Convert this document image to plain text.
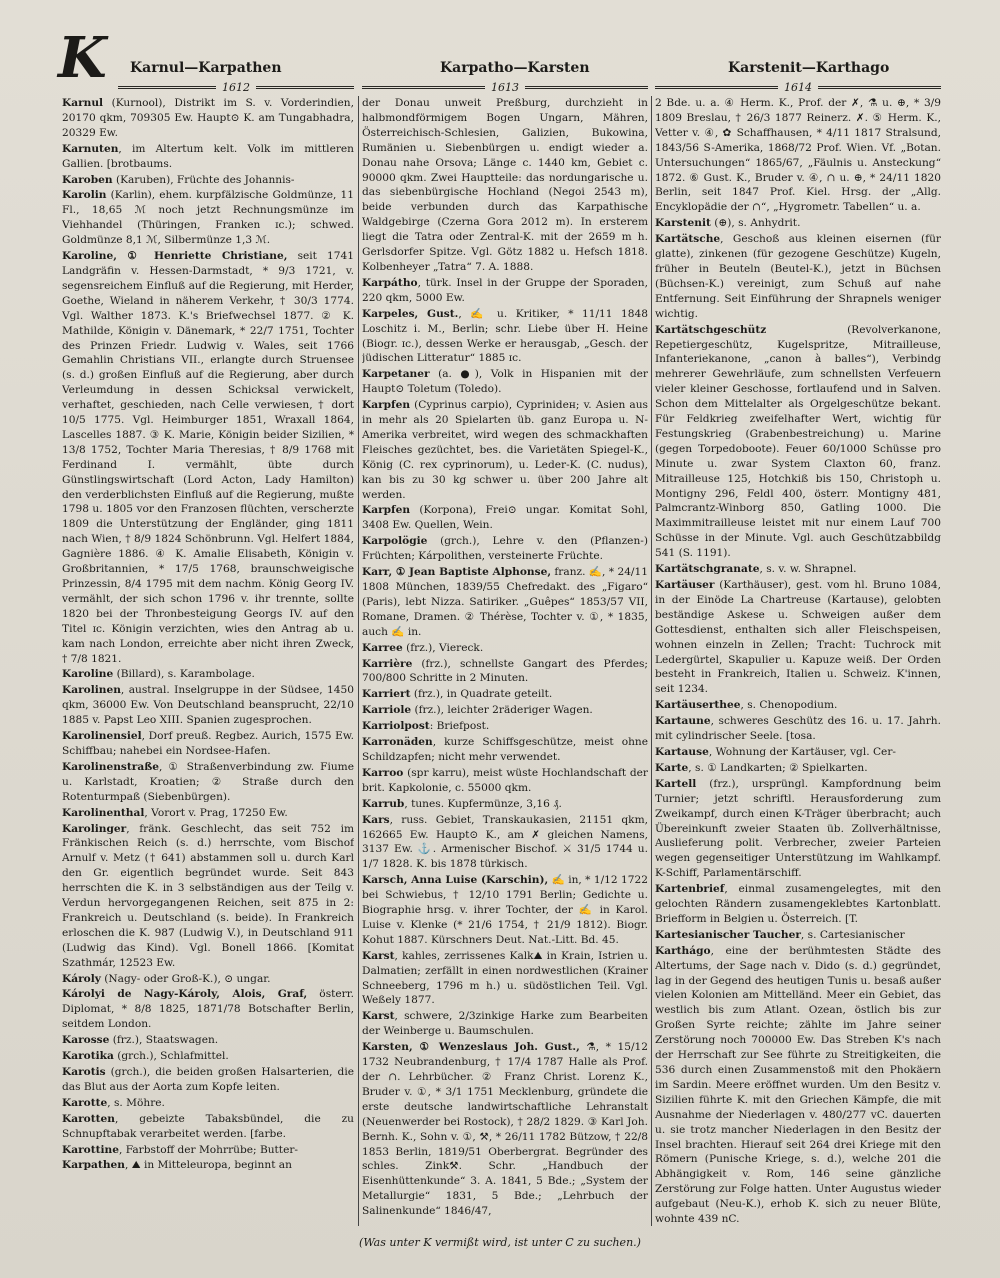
K Karnul—Karpathen	Karpatho—Karsten	Karstenit—Karthago
1612	1613	1614

Karnul (Kurnool), Distrikt im S. v. Vorderindien, 20170 qkm, 709305 Ew. Haupt⊙ K. am Tungabhadra, 20329 Ew.

Karnuten, im Altertum kelt. Volk im mittleren Gallien. [brotbaums.

Karoben (Karuben), Früchte des Johannis-

Karolin (Karlin), ehem. kurpfälzische Goldmünze, 11 Fl., 18,65 ℳ noch jetzt Rechnungsmünze im Viehhandel (Thüringen, Franken ɪc.); schwed. Goldmünze 8,1 ℳ, Silbermünze 1,3 ℳ.

Karoline, ① Henriette Christiane, seit 1741 Landgräfin v. Hessen-Darmstadt, * 9/3 1721, v. segensreichem Einfluß auf die Regierung, mit Herder, Goethe, Wieland in näherem Verkehr, † 30/3 1774. Vgl. Walther 1873. K.'s Briefwechsel 1877. ② K. Mathilde, Königin v. Dänemark, * 22/7 1751, Tochter des Prinzen Friedr. Ludwig v. Wales, seit 1766 Gemahlin Christians VII., erlangte durch Struensee (s. d.) großen Einfluß auf die Regierung, aber durch Verleumdung in dessen Schicksal verwickelt, verhaftet, geschieden, nach Celle verwiesen, † dort 10/5 1775. Vgl. Heimburger 1851, Wraxall 1864, Lascelles 1887. ③ K. Marie, Königin beider Sizilien, * 13/8 1752, Tochter Maria Theresias, † 8/9 1768 mit Ferdinand I. vermählt, übte durch Günstlingswirtschaft (Lord Acton, Lady Hamilton) den verderblichsten Einfluß auf die Regierung, mußte 1798 u. 1805 vor den Franzosen flüchten, verscherzte 1809 die Unterstützung der Engländer, ging 1811 nach Wien, † 8/9 1824 Schönbrunn. Vgl. Helfert 1884, Gagnière 1886. ④ K. Amalie Elisabeth, Königin v. Großbritannien, * 17/5 1768, braunschweigische Prinzessin, 8/4 1795 mit dem nachm. König Georg IV. vermählt, der sich schon 1796 v. ihr trennte, sollte 1820 bei der Thronbesteigung Georgs IV. auf den Titel ɪc. Königin verzichten, wies den Antrag ab u. kam nach London, erreichte aber nicht ihren Zweck, † 7/8 1821.

Karoline (Billard), s. Karambolage.

Karolinen, austral. Inselgruppe in der Südsee, 1450 qkm, 36000 Ew. Von Deutschland beansprucht, 22/10 1885 v. Papst Leo XIII. Spanien zugesprochen.

Karolinensiel, Dorf preuß. Regbez. Aurich, 1575 Ew. Schiffbau; nahebei ein Nordsee-Hafen.

Karolinenstraße, ① Straßenverbindung zw. Fiume u. Karlstadt, Kroatien; ② Straße durch den Rotenturmpaß (Siebenbürgen).

Karolinenthal, Vorort v. Prag, 17250 Ew.

Karolinger, fränk. Geschlecht, das seit 752 im Fränkischen Reich (s. d.) herrschte, vom Bischof Arnulf v. Metz († 641) abstammen soll u. durch Karl den Gr. eigentlich begründet wurde. Seit 843 herrschten die K. in 3 selbständigen aus der Teilg v. Verdun hervorgegangenen Reichen, seit 875 in 2: Frankreich u. Deutschland (s. beide). In Frankreich erloschen die K. 987 (Ludwig V.), in Deutschland 911 (Ludwig das Kind). Vgl. Bonell 1866. [Komitat Szathmár, 12523 Ew.

Károly (Nagy- oder Groß-K.), ⊙ ungar.

Károlyi de Nagy-Károly, Alois, Graf, österr. Diplomat, * 8/8 1825, 1871/78 Botschafter Berlin, seitdem London.

Karosse (frz.), Staatswagen.

Karotika (grch.), Schlafmittel.

Karotis (grch.), die beiden großen Halsarterien, die das Blut aus der Aorta zum Kopfe leiten.

Karotte, s. Möhre.

Karotten, gebeizte Tabaksbündel, die zu Schnupftabak verarbeitet werden. [farbe.

Karottine, Farbstoff der Mohrrübe; Butter-

Karpathen, ⛰ in Mitteleuropa, beginnt an

der Donau unweit Preßburg, durchzieht in halbmondförmigem Bogen Ungarn, Mähren, Österreichisch-Schlesien, Galizien, Bukowina, Rumänien u. Siebenbürgen u. endigt wieder a. Donau nahe Orsova; Länge c. 1440 km, Gebiet c. 90000 qkm. Zwei Hauptteile: das nordungarische u. das siebenbürgische Hochland (Negoi 2543 m), beide verbunden durch das Karpathische Waldgebirge (Czerna Gora 2012 m). In ersterem liegt die Tatra oder Zentral-K. mit der 2659 m h. Gerlsdorfer Spitze. Vgl. Götz 1882 u. Hefsch 1818. Kolbenheyer „Tatra“ 7. A. 1888.

Karpátho, türk. Insel in der Gruppe der Sporaden, 220 qkm, 5000 Ew.

Karpeles, Gust., ✍ u. Kritiker, * 11/11 1848 Loschitz i. M., Berlin; schr. Liebe über H. Heine (Biogr. ɪc.), dessen Werke er herausgab, „Gesch. der jüdischen Litteratur“ 1885 ɪc.

Karpetaner (a. ●), Volk in Hispanien mit der Haupt⊙ Toletum (Toledo).

Karpfen (Cyprinus carpio), Cyprinideн; v. Asien aus in mehr als 20 Spielarten üb. ganz Europa u. N-Amerika verbreitet, wird wegen des schmackhaften Fleisches gezüchtet, bes. die Varietäten Spiegel-K., König (C. rex cyprinorum), u. Leder-K. (C. nudus), kan bis zu 30 kg schwer u. über 200 Jahre alt werden.

Karpfen (Korpona), Frei⊙ ungar. Komitat Sohl, 3408 Ew. Quellen, Wein.

Karpolögie (grch.), Lehre v. den (Pflanzen-) Früchten; Kárpolithen, versteinerte Früchte.

Karr, ① Jean Baptiste Alphonse, franz. ✍, * 24/11 1808 München, 1839/55 Chefredakt. des „Figaro“ (Paris), lebt Nizza. Satiriker. „Guêpes“ 1853/57 VII, Romane, Dramen. ② Thérèse, Tochter v. ①, * 1835, auch ✍ in.

Karree (frz.), Viereck.

Karrière (frz.), schnellste Gangart des Pferdes; 700/800 Schritte in 2 Minuten.

Karriert (frz.), in Quadrate geteilt.

Karriole (frz.), leichter 2räderiger Wagen.

Karriolpost: Briefpost.

Karronäden, kurze Schiffsgeschütze, meist ohne Schildzapfen; nicht mehr verwendet.

Karroo (spr karru), meist wüste Hochlandschaft der brit. Kapkolonie, c. 55000 qkm.

Karrub, tunes. Kupfermünze, 3,16 ₰.

Kars, russ. Gebiet, Transkaukasien, 21151 qkm, 162665 Ew. Haupt⊙ K., am ✗ gleichen Namens, 3137 Ew. ⚓. Armenischer Bischof. ⚔ 31/5 1744 u. 1/7 1828. K. bis 1878 türkisch.

Karsch, Anna Luise (Karschin), ✍ in, * 1/12 1722 bei Schwiebus, † 12/10 1791 Berlin; Gedichte u. Biographie hrsg. v. ihrer Tochter, der ✍ in Karol. Luise v. Klenke (* 21/6 1754, † 21/9 1812). Biogr. Kohut 1887. Kürschners Deut. Nat.-Litt. Bd. 45.

Karst, kahles, zerrissenes Kalk⛰ in Krain, Istrien u. Dalmatien; zerfällt in einen nordwestlichen (Krainer Schneeberg, 1796 m h.) u. südöstlichen Teil. Vgl. Weßely 1877.

Karst, schwere, 2/3zinkige Harke zum Bearbeiten der Weinberge u. Baumschulen.

Karsten, ① Wenzeslaus Joh. Gust., ⚗, * 15/12 1732 Neubrandenburg, † 17/4 1787 Halle als Prof. der ∩. Lehrbücher. ② Franz Christ. Lorenz K., Bruder v. ①, * 3/1 1751 Mecklenburg, gründete die erste deutsche landwirtschaftliche Lehranstalt (Neuenwerder bei Rostock), † 28/2 1829. ③ Karl Joh. Bernh. K., Sohn v. ①, ⚒, * 26/11 1782 Bützow, † 22/8 1853 Berlin, 1819/51 Oberbergrat. Begründer des schles. Zink⚒. Schr. „Handbuch der Eisenhüttenkunde“ 3. A. 1841, 5 Bde.; „System der Metallurgie“ 1831, 5 Bde.; „Lehrbuch der Salinenkunde“ 1846/47,

2 Bde. u. a. ④ Herm. K., Prof. der ✗, ⚗ u. ⊕, * 3/9 1809 Breslau, † 26/3 1877 Reinerz. ✗. ⑤ Herm. K., Vetter v. ④, ✿ Schaffhausen, * 4/11 1817 Stralsund, 1843/56 S-Amerika, 1868/72 Prof. Wien. Vf. „Botan. Untersuchungen“ 1865/67, „Fäulnis u. Ansteckung“ 1872. ⑥ Gust. K., Bruder v. ④, ∩ u. ⊕, * 24/11 1820 Berlin, seit 1847 Prof. Kiel. Hrsg. der „Allg. Encyklopädie der ∩“, „Hygrometr. Tabellen“ u. a.

Karstenit (⊕), s. Anhydrit.

Kartätsche, Geschoß aus kleinen eisernen (für glatte), zinkenen (für gezogene Geschütze) Kugeln, früher in Beuteln (Beutel-K.), jetzt in Büchsen (Büchsen-K.) vereinigt, zum Schuß auf nahe Entfernung. Seit Einführung der Shrapnels weniger wichtig.

Kartätschgeschütz (Revolverkanone, Repetiergeschütz, Kugelspritze, Mitrailleuse, Infanteriekanone, „canon à balles“), Verbindg mehrerer Gewehrläufe, zum schnellsten Verfeuern vieler kleiner Geschosse, fortlaufend und in Salven. Schon dem Mittelalter als Orgelgeschütze bekant. Für Feldkrieg zweifelhafter Wert, wichtig für Festungskrieg (Grabenbestreichung) u. Marine (gegen Torpedoboote). Feuer 60/1000 Schüsse pro Minute u. zwar System Claxton 60, franz. Mitrailleuse 125, Hotchkiß bis 150, Christoph u. Montigny 296, Feldl 400, österr. Montigny 481, Palmcrantz-Winborg 850, Gatling 1000. Die Maximmitrailleuse leistet mit nur einem Lauf 700 Schüsse in der Minute. Vgl. auch Geschützabbildg 541 (S. 1191).

Kartätschgranate, s. v. w. Shrapnel.

Kartäuser (Karthäuser), gest. vom hl. Bruno 1084, in der Einöde La Chartreuse (Kartause), gelobten beständige Askese u. Schweigen außer dem Gottesdienst, enthalten sich aller Fleischspeisen, wohnen einzeln in Zellen; Tracht: Tuchrock mit Ledergürtel, Skapulier u. Kapuze weiß. Der Orden besteht in Frankreich, Italien u. Schweiz. K'innen, seit 1234.

Kartäuserthee, s. Chenopodium.

Kartaune, schweres Geschütz des 16. u. 17. Jahrh. mit cylindrischer Seele. [tosa.

Kartause, Wohnung der Kartäuser, vgl. Cer-

Karte, s. ① Landkarten; ② Spielkarten.

Kartell (frz.), ursprüngl. Kampfordnung beim Turnier; jetzt schriftl. Herausforderung zum Zweikampf, durch einen K-Träger überbracht; auch Übereinkunft zweier Staaten üb. Zollverhältnisse, Auslieferung polit. Verbrecher, zweier Parteien wegen gegenseitiger Unterstützung im Wahlkampf. K-Schiff, Parlamentärschiff.

Kartenbrief, einmal zusamengelegtes, mit den gelochten Rändern zusamengeklebtes Kartonblatt. Briefform in Belgien u. Österreich. [T.

Kartesianischer Taucher, s. Cartesianischer

Karthágo, eine der berühmtesten Städte des Altertums, der Sage nach v. Dido (s. d.) gegründet, lag in der Gegend des heutigen Tunis u. besaß außer vielen Kolonien am Mittelländ. Meer ein Gebiet, das westlich bis zum Atlant. Ozean, östlich bis zur Großen Syrte reichte; zählte im Jahre seiner Zerstörung noch 700000 Ew. Das Streben K's nach der Herrschaft zur See führte zu Streitigkeiten, die 536 durch einen Zusammenstoß mit den Phokäern im Sardin. Meere eröffnet wurden. Um den Besitz v. Sizilien führte K. mit den Griechen Kämpfe, die mit Ausnahme der Niederlagen v. 480/277 vC. dauerten u. sie trotz mancher Niederlagen in den Besitz der Insel brachten. Hierauf seit 264 drei Kriege mit den Römern (Punische Kriege, s. d.), welche 201 die Abhängigkeit v. Rom, 146 seine gänzliche Zerstörung zur Folge hatten. Unter Augustus wieder aufgebaut (Neu-K.), erhob K. sich zu neuer Blüte, wohnte 439 nC.

(Was unter K vermißt wird, ist unter C zu suchen.)
